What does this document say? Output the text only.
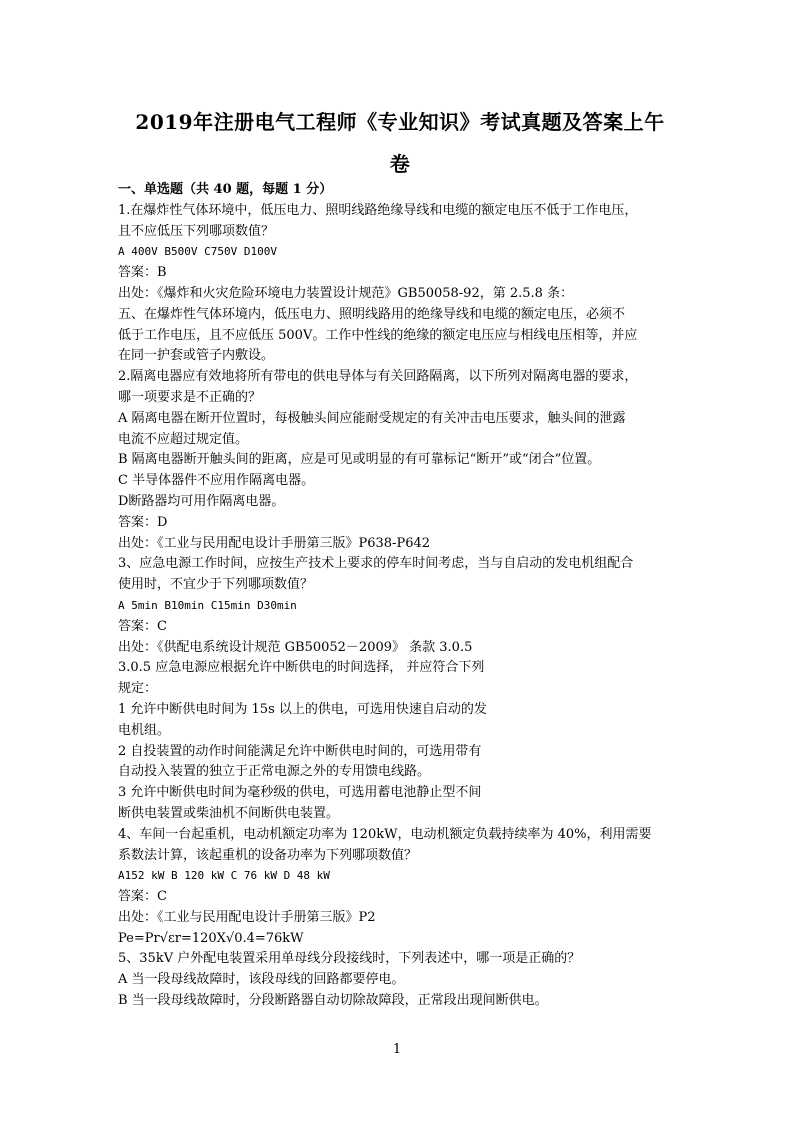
2019年注册电气工程师《专业知识》考试真题及答案上午
卷
一、单选题（共 40 题，每题 1 分）
1.在爆炸性气体环境中，低压电力、照明线路绝缘导线和电缆的额定电压不低于工作电压，
且不应低压下列哪项数值？
A 400V B500V C750V D100V
答案：B
出处：《爆炸和火灾危险环境电力装置设计规范》GB50058-92，第 2.5.8 条：
五、在爆炸性气体环境内，低压电力、照明线路用的绝缘导线和电缆的额定电压，必须不
低于工作电压，且不应低压 500V。工作中性线的绝缘的额定电压应与相线电压相等，并应
在同一护套或管子内敷设。
2.隔离电器应有效地将所有带电的供电导体与有关回路隔离，以下所列对隔离电器的要求，
哪一项要求是不正确的？
A 隔离电器在断开位置时，每极触头间应能耐受规定的有关冲击电压要求，触头间的泄露
电流不应超过规定值。
B 隔离电器断开触头间的距离，应是可见或明显的有可靠标记“断开”或“闭合”位置。
C 半导体器件不应用作隔离电器。
D断路器均可用作隔离电器。
答案：D
出处：《工业与民用配电设计手册第三版》P638-P642
3、应急电源工作时间，应按生产技术上要求的停车时间考虑，当与自启动的发电机组配合
使用时，不宜少于下列哪项数值？
A 5min B10min C15min D30min
答案：C
出处：《供配电系统设计规范 GB50052－2009》 条款 3.0.5
3.0.5 应急电源应根据允许中断供电的时间选择， 并应符合下列
规定：
1 允许中断供电时间为 15s 以上的供电，可选用快速自启动的发
电机组。
2 自投装置的动作时间能满足允许中断供电时间的，可选用带有
自动投入装置的独立于正常电源之外的专用馈电线路。
3 允许中断供电时间为毫秒级的供电，可选用蓄电池静止型不间
断供电装置或柴油机不间断供电装置。
4、车间一台起重机，电动机额定功率为 120kW，电动机额定负载持续率为 40%，利用需要
系数法计算，该起重机的设备功率为下列哪项数值？
A152 kW B 120 kW C 76 kW D 48 kW
答案：C
出处：《工业与民用配电设计手册第三版》P2
Pe=Pr√εr=120X√0.4=76kW
5、35kV 户外配电装置采用单母线分段接线时，下列表述中，哪一项是正确的？
A 当一段母线故障时，该段母线的回路都要停电。
B 当一段母线故障时，分段断路器自动切除故障段，正常段出现间断供电。
1
